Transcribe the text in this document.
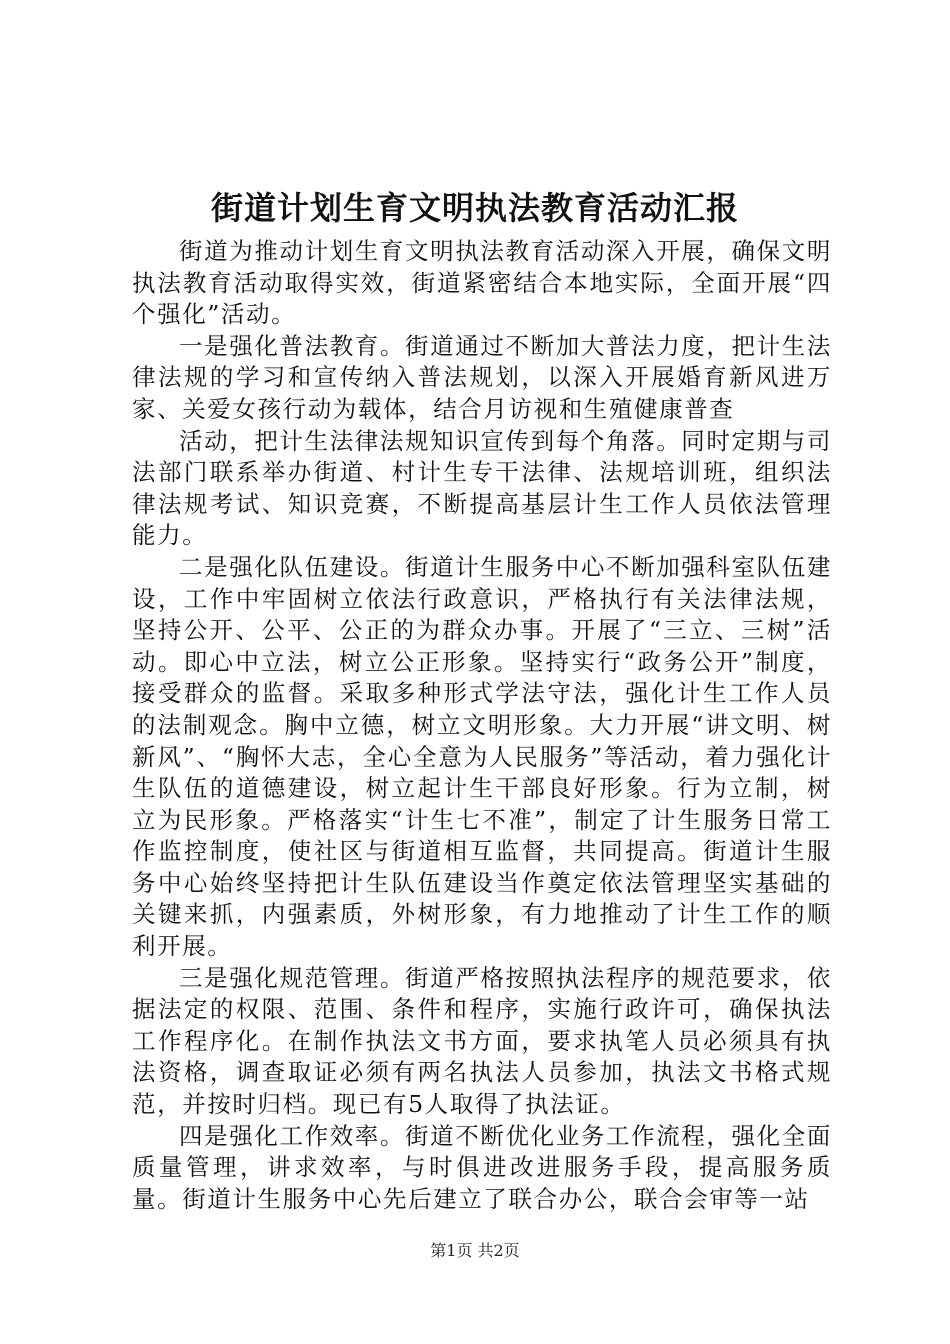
街道计划生育文明执法教育活动汇报

街道为推动计划生育文明执法教育活动深入开展，确保文明执法教育活动取得实效，街道紧密结合本地实际，全面开展“四个强化”活动。

一是强化普法教育。街道通过不断加大普法力度，把计生法律法规的学习和宣传纳入普法规划，以深入开展婚育新风进万家、关爱女孩行动为载体，结合月访视和生殖健康普查

活动，把计生法律法规知识宣传到每个角落。同时定期与司法部门联系举办街道、村计生专干法律、法规培训班，组织法律法规考试、知识竞赛，不断提高基层计生工作人员依法管理能力。

二是强化队伍建设。街道计生服务中心不断加强科室队伍建设，工作中牢固树立依法行政意识，严格执行有关法律法规，坚持公开、公平、公正的为群众办事。开展了“三立、三树”活动。即心中立法，树立公正形象。坚持实行“政务公开”制度，接受群众的监督。采取多种形式学法守法，强化计生工作人员的法制观念。胸中立德，树立文明形象。大力开展“讲文明、树新风”、“胸怀大志，全心全意为人民服务”等活动，着力强化计生队伍的道德建设，树立起计生干部良好形象。行为立制，树立为民形象。严格落实“计生七不准”，制定了计生服务日常工作监控制度，使社区与街道相互监督，共同提高。街道计生服务中心始终坚持把计生队伍建设当作奠定依法管理坚实基础的关键来抓，内强素质，外树形象，有力地推动了计生工作的顺利开展。

三是强化规范管理。街道严格按照执法程序的规范要求，依据法定的权限、范围、条件和程序，实施行政许可，确保执法工作程序化。在制作执法文书方面，要求执笔人员必须具有执法资格，调查取证必须有两名执法人员参加，执法文书格式规范，并按时归档。现已有5人取得了执法证。

四是强化工作效率。街道不断优化业务工作流程，强化全面质量管理，讲求效率，与时俱进改进服务手段，提高服务质量。街道计生服务中心先后建立了联合办公，联合会审等一站

第1页 共2页
